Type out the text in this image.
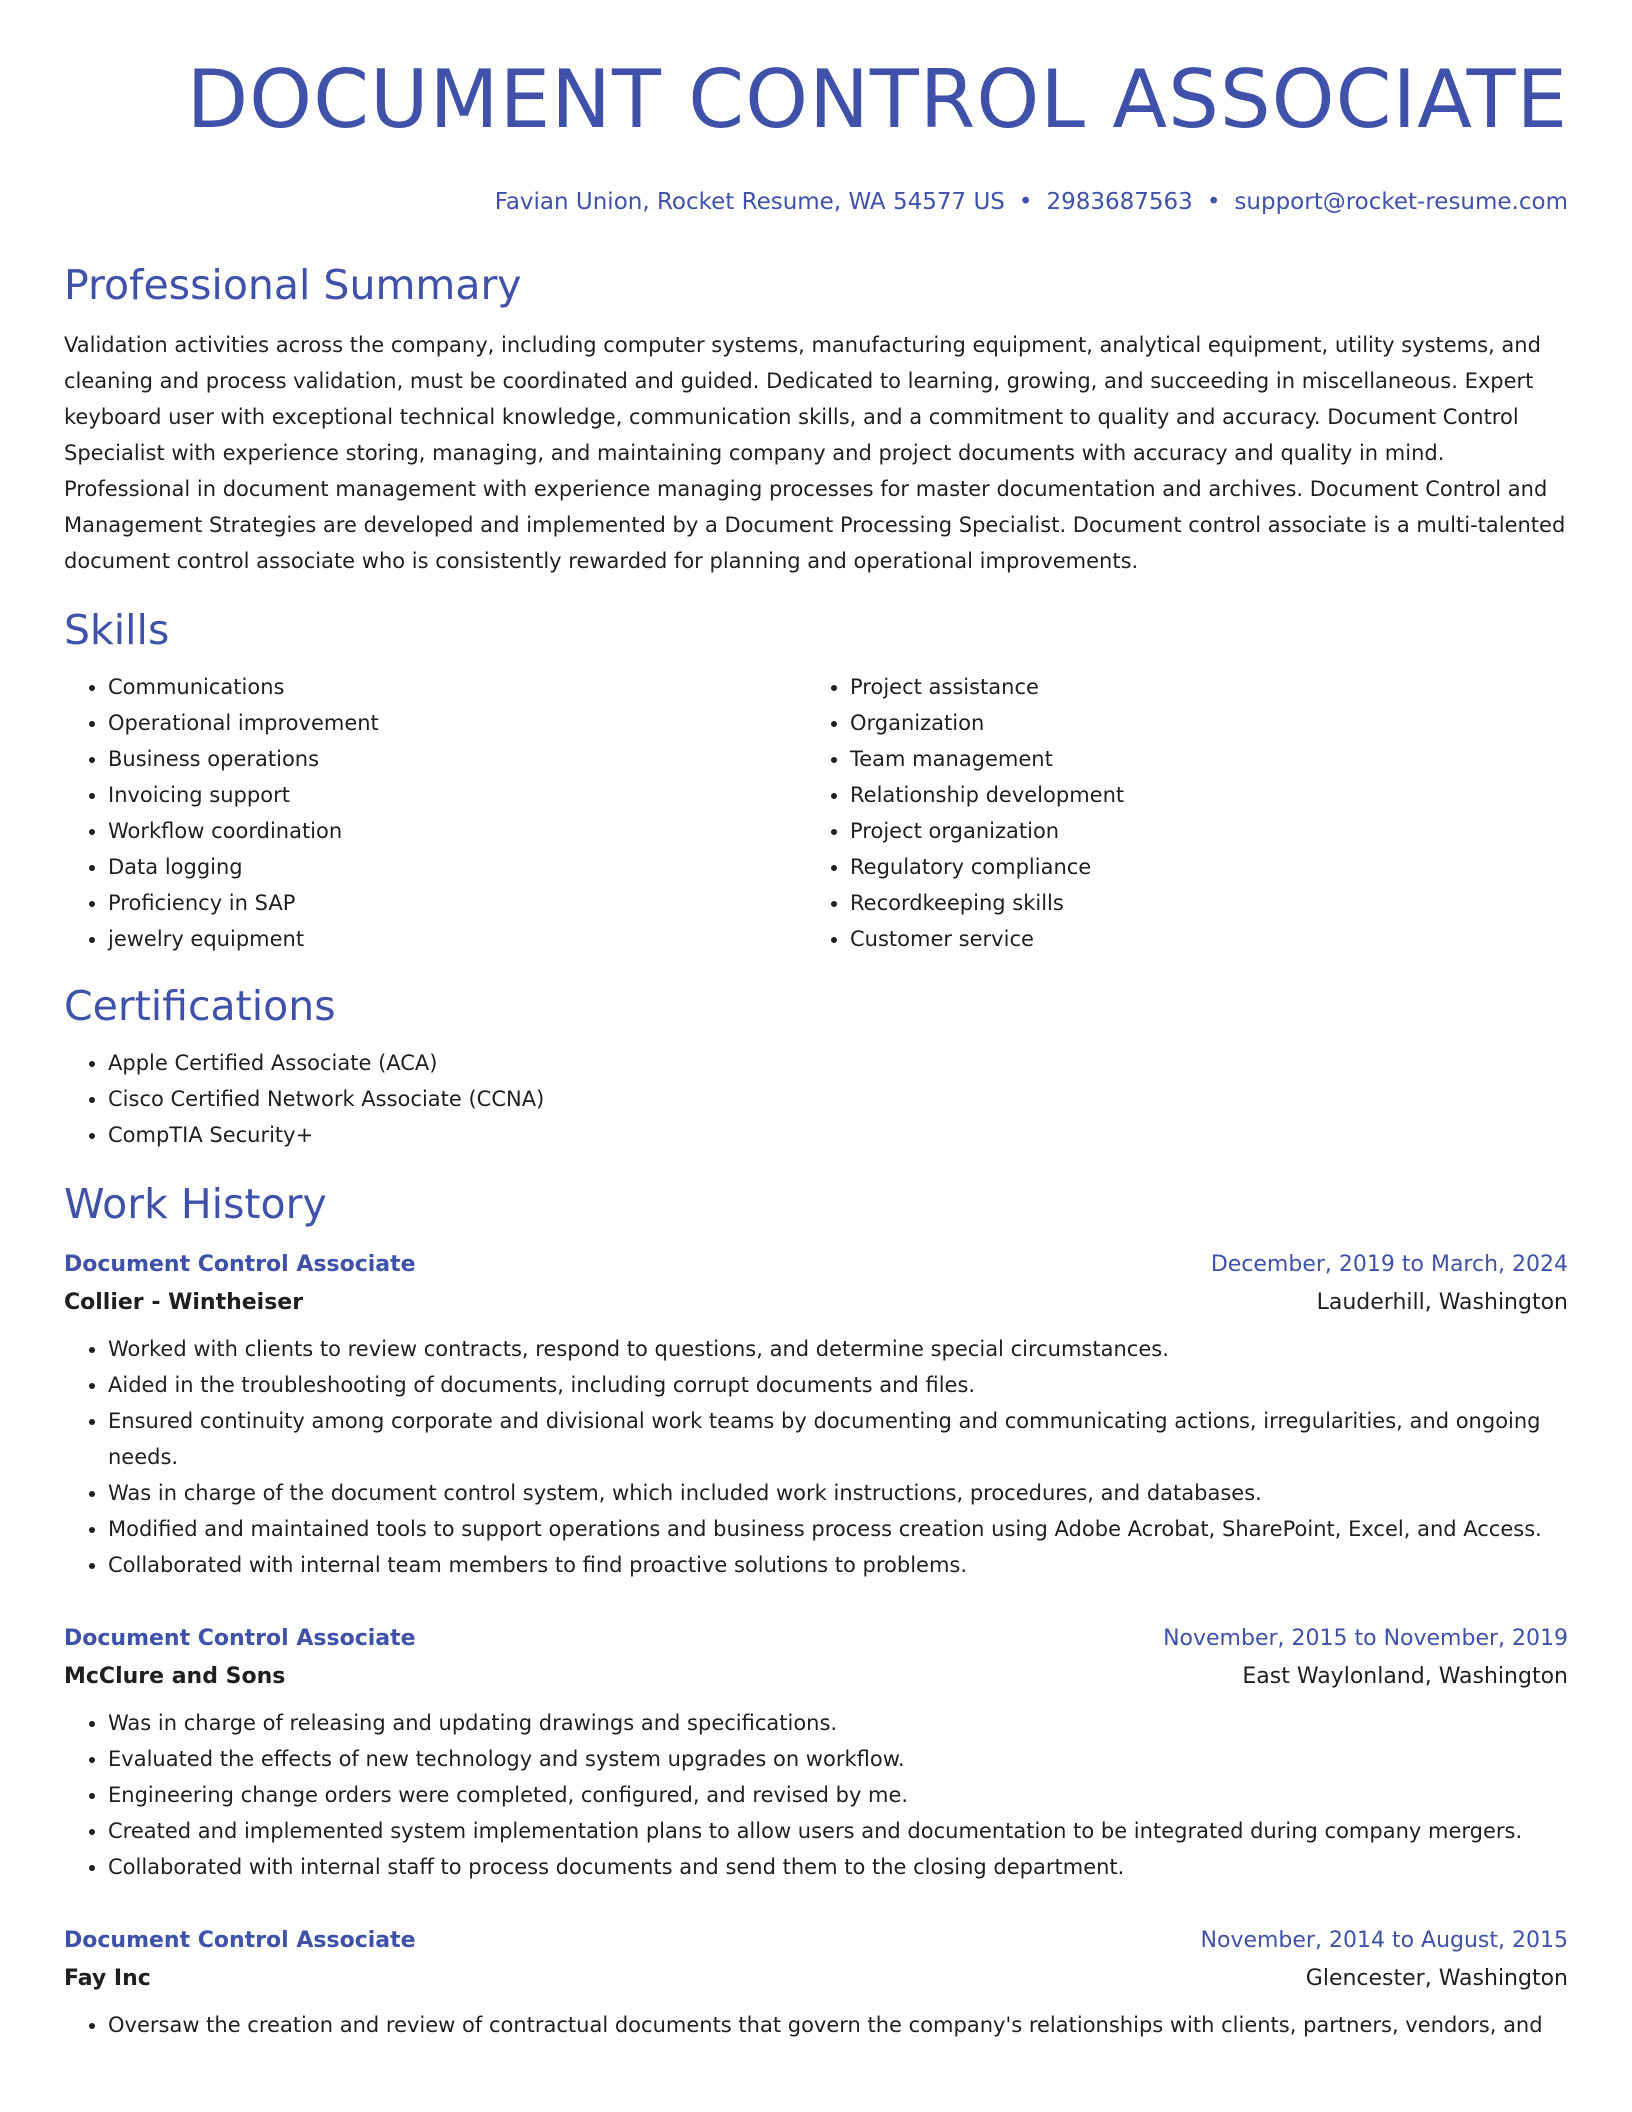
DOCUMENT CONTROL ASSOCIATE
Favian Union, Rocket Resume, WA 54577 US • 2983687563 • support@rocket-resume.com
Professional Summary
Validation activities across the company, including computer systems, manufacturing equipment, analytical equipment, utility systems, and cleaning and process validation, must be coordinated and guided. Dedicated to learning, growing, and succeeding in miscellaneous. Expert keyboard user with exceptional technical knowledge, communication skills, and a commitment to quality and accuracy. Document Control Specialist with experience storing, managing, and maintaining company and project documents with accuracy and quality in mind. Professional in document management with experience managing processes for master documentation and archives. Document Control and Management Strategies are developed and implemented by a Document Processing Specialist. Document control associate is a multi-talented document control associate who is consistently rewarded for planning and operational improvements.
Skills
• Communications
• Operational improvement
• Business operations
• Invoicing support
• Workflow coordination
• Data logging
• Proficiency in SAP
• jewelry equipment
• Project assistance
• Organization
• Team management
• Relationship development
• Project organization
• Regulatory compliance
• Recordkeeping skills
• Customer service
Certifications
• Apple Certified Associate (ACA)
• Cisco Certified Network Associate (CCNA)
• CompTIA Security+
Work History
Document Control Associate	December, 2019 to March, 2024
Collier - Wintheiser	Lauderhill, Washington
• Worked with clients to review contracts, respond to questions, and determine special circumstances.
• Aided in the troubleshooting of documents, including corrupt documents and files.
• Ensured continuity among corporate and divisional work teams by documenting and communicating actions, irregularities, and ongoing needs.
• Was in charge of the document control system, which included work instructions, procedures, and databases.
• Modified and maintained tools to support operations and business process creation using Adobe Acrobat, SharePoint, Excel, and Access.
• Collaborated with internal team members to find proactive solutions to problems.
Document Control Associate	November, 2015 to November, 2019
McClure and Sons	East Waylonland, Washington
• Was in charge of releasing and updating drawings and specifications.
• Evaluated the effects of new technology and system upgrades on workflow.
• Engineering change orders were completed, configured, and revised by me.
• Created and implemented system implementation plans to allow users and documentation to be integrated during company mergers.
• Collaborated with internal staff to process documents and send them to the closing department.
Document Control Associate	November, 2014 to August, 2015
Fay Inc	Glencester, Washington
• Oversaw the creation and review of contractual documents that govern the company's relationships with clients, partners, vendors, and
